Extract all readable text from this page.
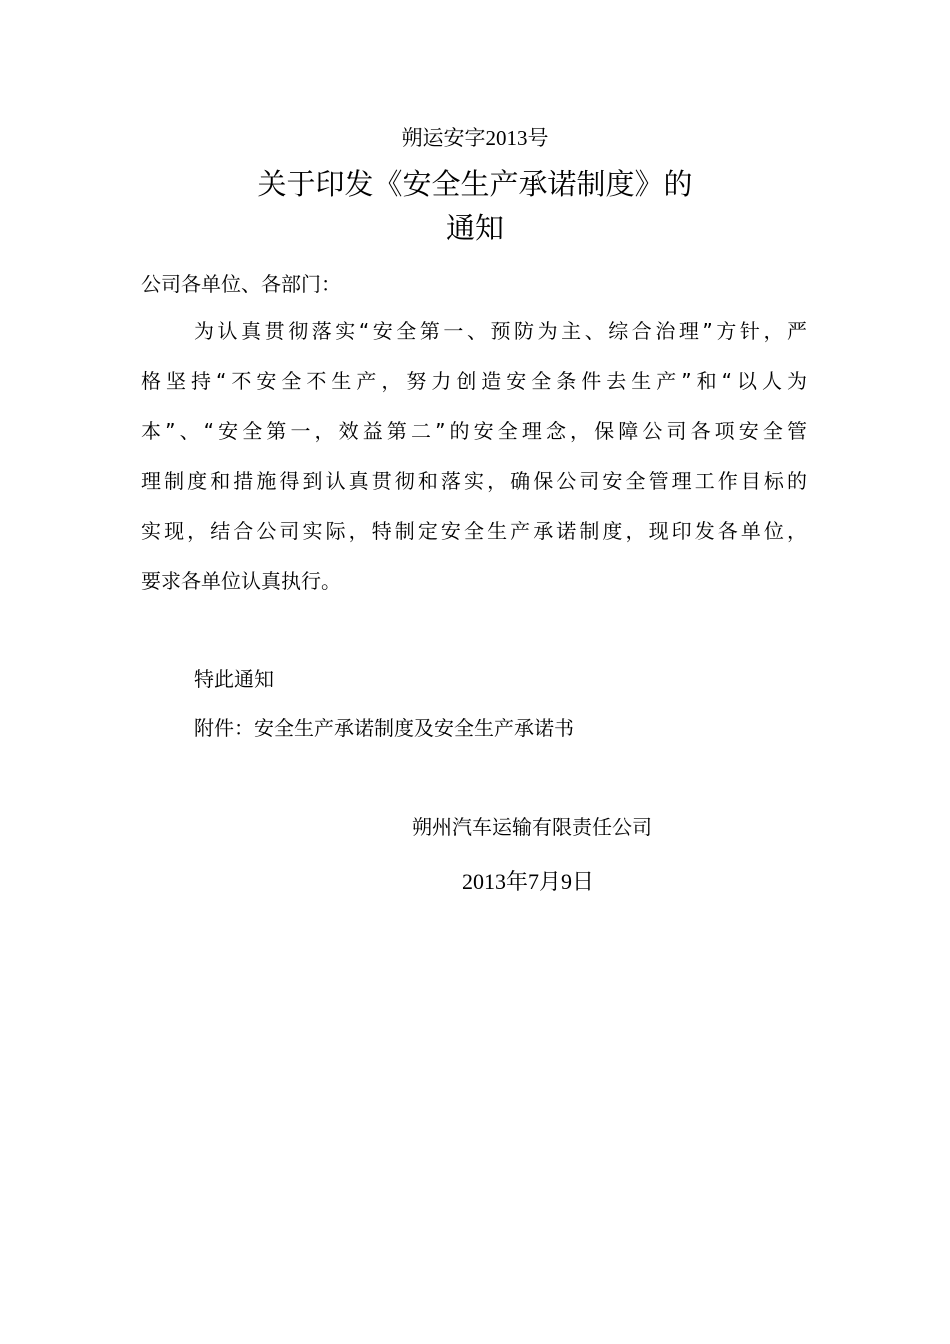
朔运安字2013号
关于印发《安全生产承诺制度》的
通知
公司各单位、各部门：
为认真贯彻落实“安全第一、预防为主、综合治理”方针，严
格坚持“不安全不生产，努力创造安全条件去生产”和“以人为
本”、“安全第一，效益第二”的安全理念，保障公司各项安全管
理制度和措施得到认真贯彻和落实，确保公司安全管理工作目标的
实现，结合公司实际，特制定安全生产承诺制度，现印发各单位，
要求各单位认真执行。
特此通知
附件：安全生产承诺制度及安全生产承诺书
朔州汽车运输有限责任公司
2013年7月9日
